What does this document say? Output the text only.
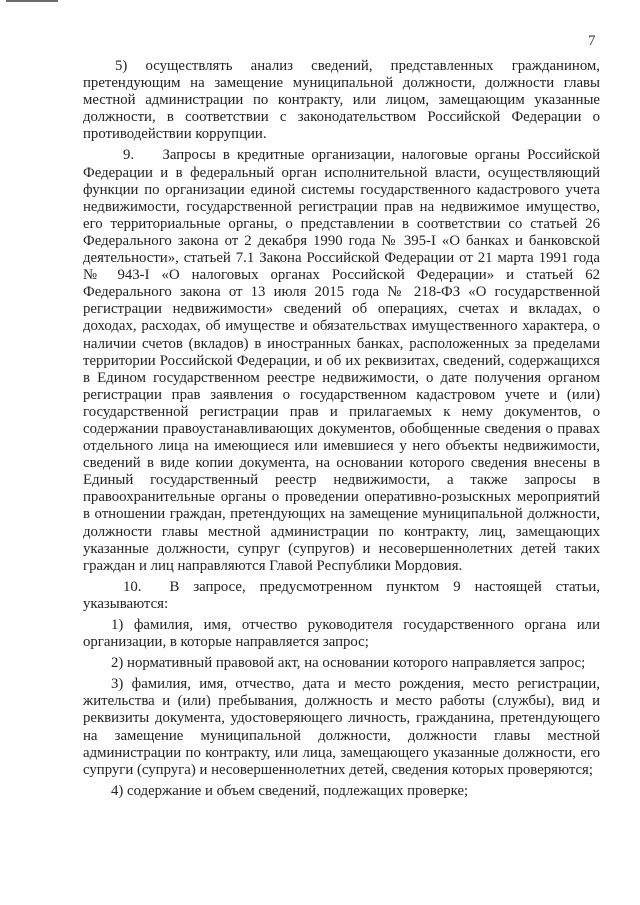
7

5) осуществлять анализ сведений, представленных гражданином, претендующим на замещение муниципальной должности, должности главы местной администрации по контракту, или лицом, замещающим указанные должности, в соответствии с законодательством Российской Федерации о противодействии коррупции.

9.    Запросы в кредитные организации, налоговые органы Российской Федерации и в федеральный орган исполнительной власти, осуществляющий функции по организации единой системы государственного кадастрового учета недвижимости, государственной регистрации прав на недвижимое имущество, его территориальные органы, о представлении в соответствии со статьей 26 Федерального закона от 2 декабря 1990 года № 395-I «О банках и банковской деятельности», статьей 7.1 Закона Российской Федерации от 21 марта 1991 года № 943-I «О налоговых органах Российской Федерации» и статьей 62 Федерального закона от 13 июля 2015 года № 218-ФЗ «О государственной регистрации недвижимости» сведений об операциях, счетах и вкладах, о доходах, расходах, об имуществе и обязательствах имущественного характера, о наличии счетов (вкладов) в иностранных банках, расположенных за пределами территории Российской Федерации, и об их реквизитах, сведений, содержащихся в Едином государственном реестре недвижимости, о дате получения органом регистрации прав заявления о государственном кадастровом учете и (или) государственной регистрации прав и прилагаемых к нему документов, о содержании правоустанавливающих документов, обобщенные сведения о правах отдельного лица на имеющиеся или имевшиеся у него объекты недвижимости, сведений в виде копии документа, на основании которого сведения внесены в Единый государственный реестр недвижимости, а также запросы в правоохранительные органы о проведении оперативно-розыскных мероприятий в отношении граждан, претендующих на замещение муниципальной должности, должности главы местной администрации по контракту, лиц, замещающих указанные должности, супруг (супругов) и несовершеннолетних детей таких граждан и лиц направляются Главой Республики Мордовия.

10.  В запросе, предусмотренном пунктом 9 настоящей статьи, указываются:

1) фамилия, имя, отчество руководителя государственного органа или организации, в которые направляется запрос;

2) нормативный правовой акт, на основании которого направляется запрос;

3) фамилия, имя, отчество, дата и место рождения, место регистрации, жительства и (или) пребывания, должность и место работы (службы), вид и реквизиты документа, удостоверяющего личность, гражданина, претендующего на замещение муниципальной должности, должности главы местной администрации по контракту, или лица, замещающего указанные должности, его супруги (супруга) и несовершеннолетних детей, сведения которых проверяются;

4) содержание и объем сведений, подлежащих проверке;
